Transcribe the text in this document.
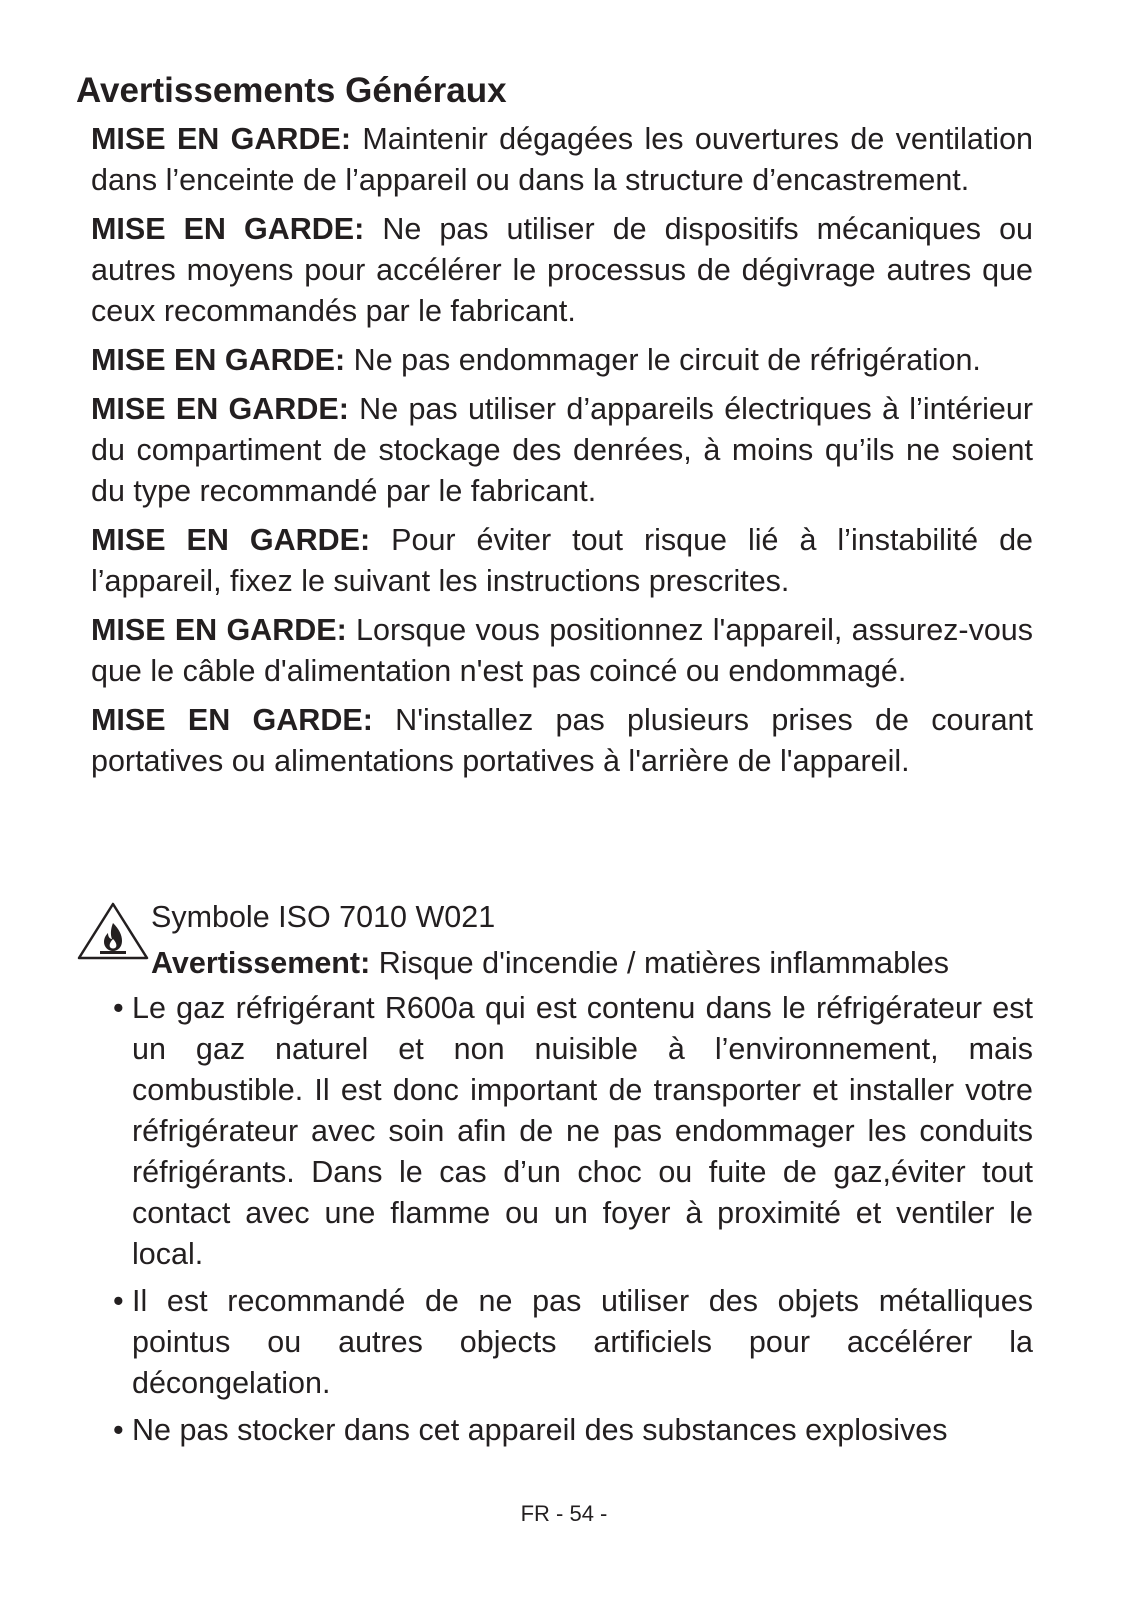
Avertissements Généraux

MISE EN GARDE: Maintenir dégagées les ouvertures de ventilation dans l’enceinte de l’appareil ou dans la structure d’encastrement.

MISE EN GARDE: Ne pas utiliser de dispositifs mécaniques ou autres moyens pour accélérer le processus de dégivrage autres que ceux recommandés par le fabricant.

MISE EN GARDE: Ne pas endommager le circuit de réfrigération.

MISE EN GARDE: Ne pas utiliser d’appareils électriques à l’intérieur du compartiment de stockage des denrées, à moins qu’ils ne soient du type recommandé par le fabricant.

MISE EN GARDE: Pour éviter tout risque lié à l’instabilité de l’appareil, fixez le suivant les instructions prescrites.

MISE EN GARDE: Lorsque vous positionnez l'appareil, assurez-vous que le câble d'alimentation n'est pas coincé ou endommagé.

MISE EN GARDE: N'installez pas plusieurs prises de courant portatives ou alimentations portatives à l'arrière de l'appareil.

Symbole ISO 7010 W021
Avertissement: Risque d'incendie / matières inflammables
• Le gaz réfrigérant R600a qui est contenu dans le réfrigérateur est un gaz naturel et non nuisible à l’environnement, mais combustible. Il est donc important de transporter et installer votre réfrigérateur avec soin afin de ne pas endommager les conduits réfrigérants. Dans le cas d’un choc ou fuite de gaz,éviter tout contact avec une flamme ou un foyer à proximité et ventiler le local.
• Il est recommandé de ne pas utiliser des objets métalliques pointus ou autres objects artificiels pour accélérer la décongelation.
• Ne pas stocker dans cet appareil des substances explosives
FR - 54 -
